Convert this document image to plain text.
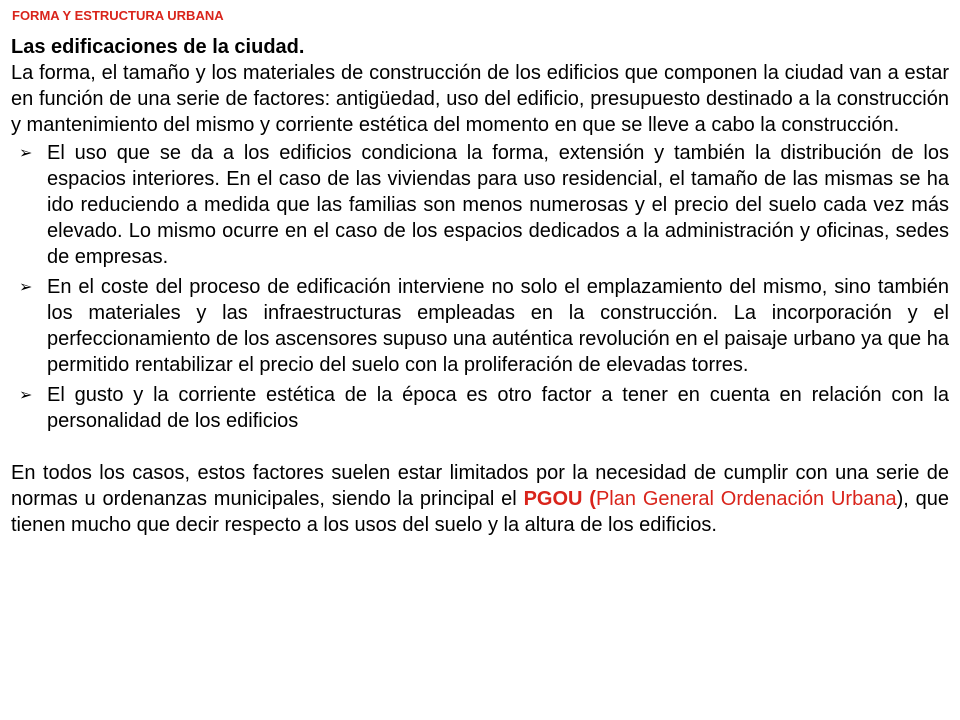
FORMA Y ESTRUCTURA URBANA

Las edificaciones de la ciudad.

La forma, el tamaño y los materiales de construcción de los edificios que componen la ciudad van a estar en función de una serie de factores: antigüedad, uso del edificio, presupuesto destinado a la construcción y mantenimiento del mismo y corriente estética del momento en que se lleve a cabo la construcción.

➢ El uso que se da a los edificios condiciona la forma, extensión y también la distribución de los espacios interiores. En el caso de las viviendas para uso residencial, el tamaño de las mismas se ha ido reduciendo a medida que las familias son menos numerosas y el precio del suelo cada vez más elevado. Lo mismo ocurre en el caso de los espacios dedicados a la administración y oficinas, sedes de empresas.
➢ En el coste del proceso de edificación interviene no solo el emplazamiento del mismo, sino también los materiales y las infraestructuras empleadas en la construcción. La incorporación y el perfeccionamiento de los ascensores supuso una auténtica revolución en el paisaje urbano ya que ha permitido rentabilizar el precio del suelo con la proliferación de elevadas torres.
➢ El gusto y la corriente estética de la época es otro factor a tener en cuenta en relación con la personalidad de los edificios

En todos los casos, estos factores suelen estar limitados por la necesidad de cumplir con una serie de normas u ordenanzas municipales, siendo la principal el PGOU (Plan General Ordenación Urbana), que tienen mucho que decir respecto a los usos del suelo y la altura de los edificios.
